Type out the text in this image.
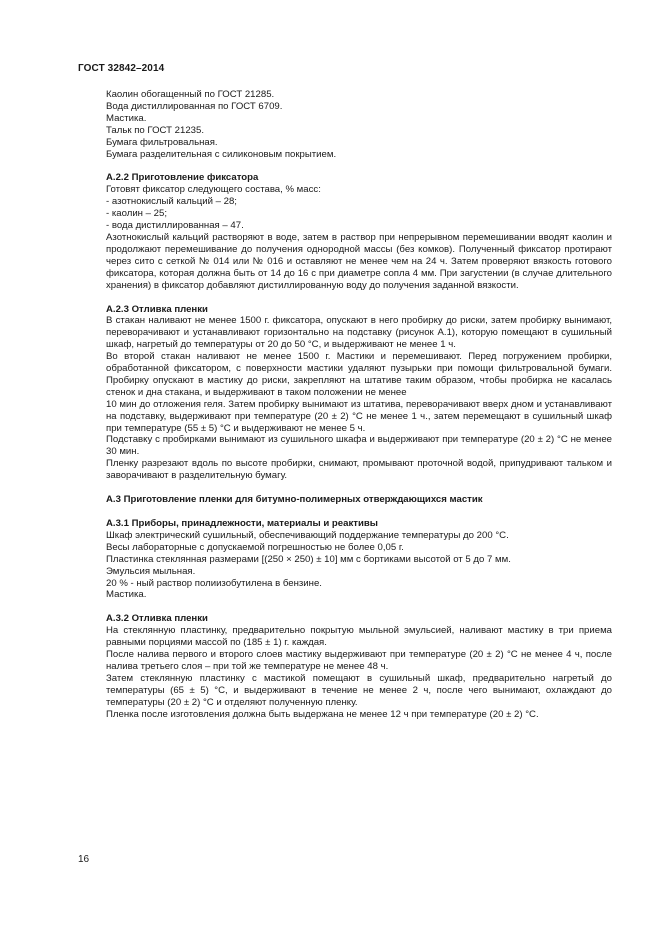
ГОСТ 32842–2014

Каолин обогащенный по ГОСТ 21285.

Вода дистиллированная по ГОСТ 6709.

Мастика.

Тальк по ГОСТ 21235.

Бумага фильтровальная.

Бумага разделительная с силиконовым покрытием.

А.2.2 Приготовление фиксатора

Готовят фиксатор следующего состава, % масс:

- азотнокислый кальций – 28;

- каолин – 25;

- вода дистиллированная – 47.

Азотнокислый кальций растворяют в воде, затем в раствор при непрерывном перемешивании вводят каолин и продолжают перемешивание до получения однородной массы (без комков). Полученный фиксатор протирают через сито с сеткой № 014 или № 016 и оставляют не менее чем на 24 ч. Затем проверяют вязкость готового фиксатора, которая должна быть от 14 до 16 с при диаметре сопла 4 мм. При загустении (в случае длительного хранения) в фиксатор добавляют дистиллированную воду до получения заданной вязкости.

А.2.3 Отливка пленки

В стакан наливают не менее 1500 г. фиксатора, опускают в него пробирку до риски, затем пробирку вынимают, переворачивают и устанавливают горизонтально на подставку (рисунок А.1), которую помещают в сушильный шкаф, нагретый до температуры от 20 до 50 °С, и выдерживают не менее 1 ч.

Во второй стакан наливают не менее 1500 г. Мастики и перемешивают. Перед погружением пробирки, обработанной фиксатором, с поверхности мастики удаляют пузырьки при помощи фильтровальной бумаги. Пробирку опускают в мастику до риски, закрепляют на штативе таким образом, чтобы пробирка не касалась стенок и дна стакана, и выдерживают в таком положении не менее

10 мин до отложения геля. Затем пробирку вынимают из штатива, переворачивают вверх дном и устанавливают на подставку, выдерживают при температуре (20 ± 2) °С не менее 1 ч., затем перемещают в сушильный шкаф при температуре (55 ± 5) °С и выдерживают не менее 5 ч.

Подставку с пробирками вынимают из сушильного шкафа и выдерживают при температуре (20 ± 2) °С не менее 30 мин.

Пленку разрезают вдоль по высоте пробирки, снимают, промывают проточной водой, припудривают тальком и заворачивают в разделительную бумагу.

А.3 Приготовление пленки для битумно-полимерных отверждающихся мастик

А.3.1 Приборы, принадлежности, материалы и реактивы

Шкаф электрический сушильный, обеспечивающий поддержание температуры до 200 °С.

Весы лабораторные с допускаемой погрешностью не более 0,05 г.

Пластинка стеклянная размерами [(250 × 250) ± 10] мм с бортиками высотой от 5 до 7 мм.

Эмульсия мыльная.

20 % - ный раствор полиизобутилена в бензине.

Мастика.

А.3.2 Отливка пленки

На стеклянную пластинку, предварительно покрытую мыльной эмульсией, наливают мастику в три приема равными порциями массой по (185 ± 1) г. каждая.

После налива первого и второго слоев мастику выдерживают при температуре (20 ± 2) °С не менее 4 ч, после налива третьего слоя – при той же температуре не менее 48 ч.

Затем стеклянную пластинку с мастикой помещают в сушильный шкаф, предварительно нагретый до температуры (65 ± 5) °С, и выдерживают в течение не менее 2 ч, после чего вынимают, охлаждают до температуры (20 ± 2) °С и отделяют полученную пленку.

Пленка после изготовления должна быть выдержана не менее 12 ч при температуре (20 ± 2) °С.

16
